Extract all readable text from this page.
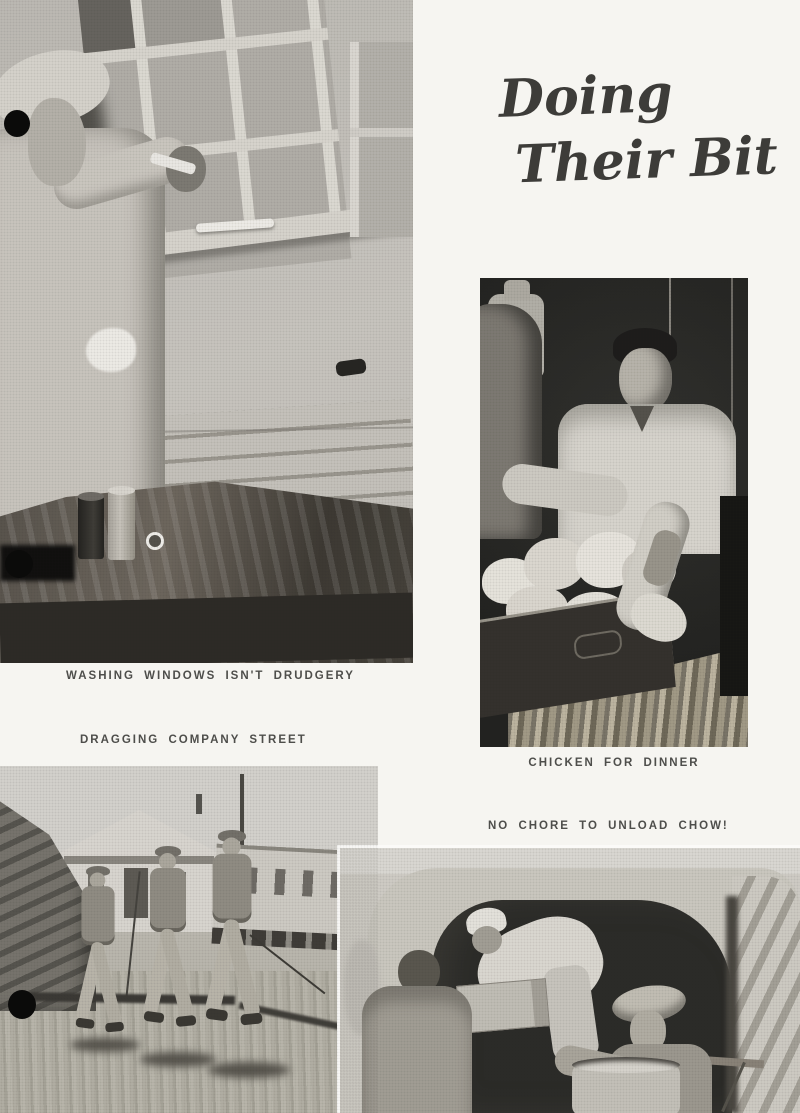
Doing
Their Bit
WASHING WINDOWS ISN'T DRUDGERY
DRAGGING COMPANY STREET
CHICKEN FOR DINNER
NO CHORE TO UNLOAD CHOW!
